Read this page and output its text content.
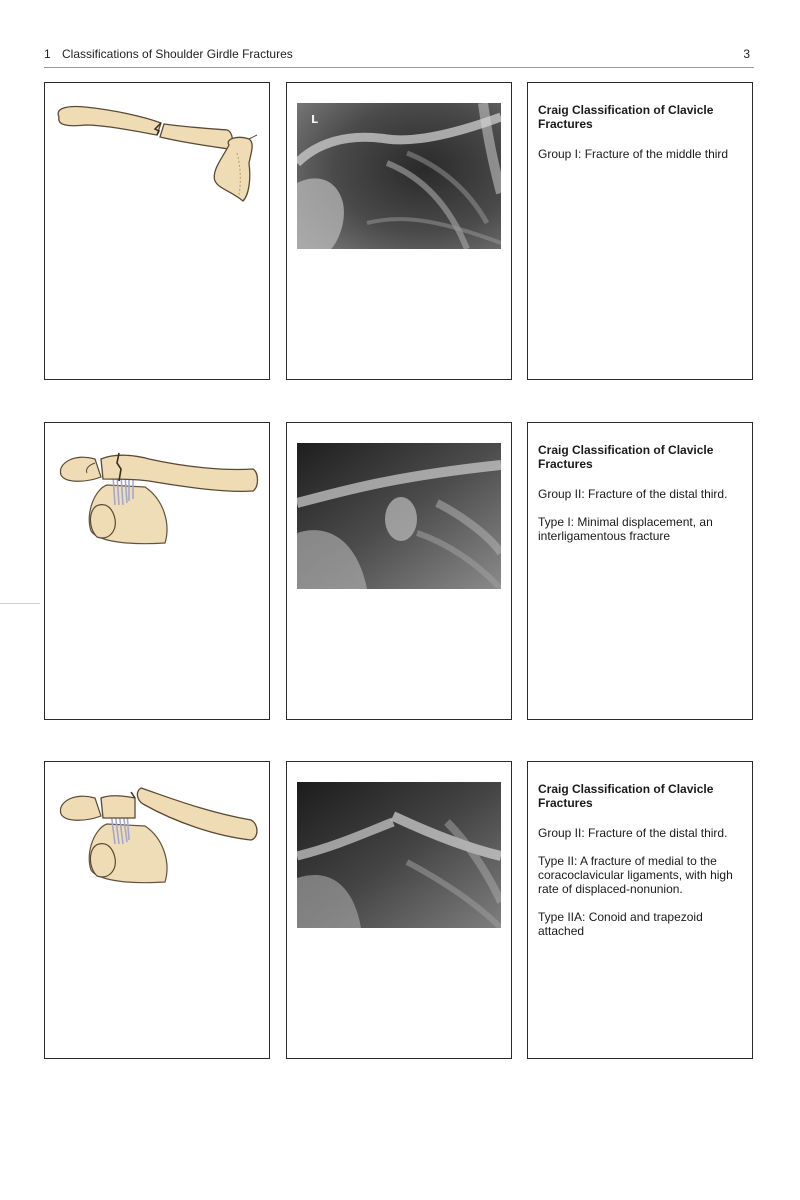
1 Classifications of Shoulder Girdle Fractures	3
L
Craig Classification of Clavicle Fractures

Group I: Fracture of the middle third

Craig Classification of Clavicle Fractures

Group II: Fracture of the distal third.

Type I: Minimal displacement, an interligamentous fracture

Craig Classification of Clavicle Fractures

Group II: Fracture of the distal third.

Type II: A fracture of medial to the coracoclavicular ligaments, with high rate of displaced-nonunion.

Type IIA: Conoid and trapezoid attached
